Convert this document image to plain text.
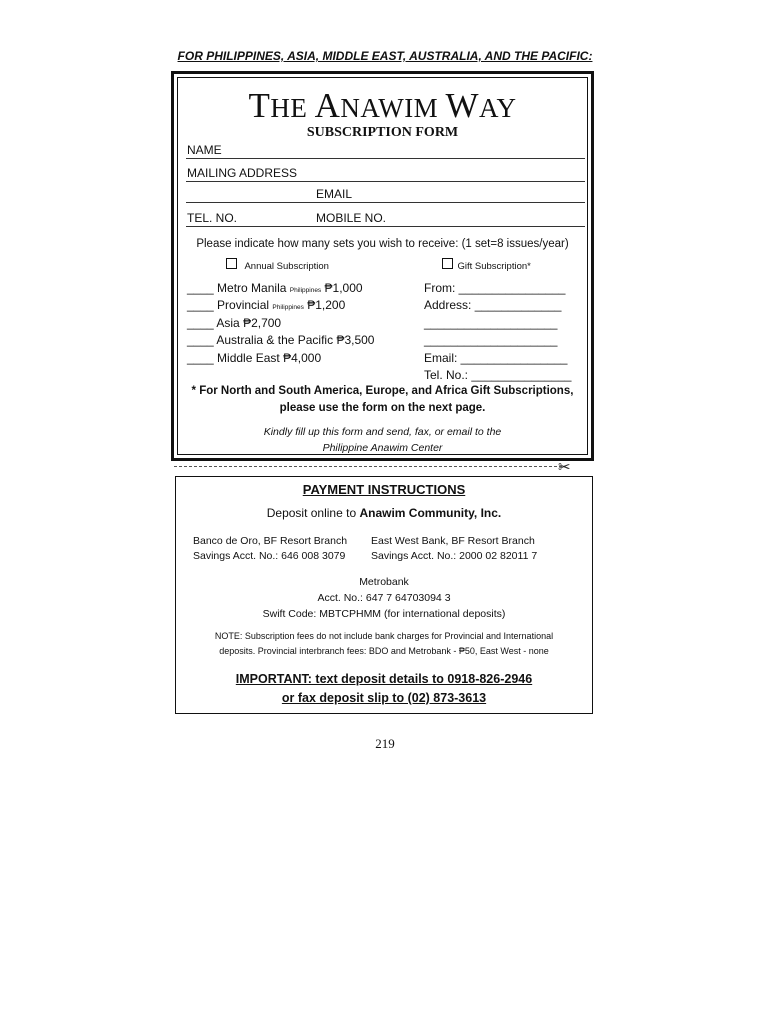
FOR PHILIPPINES, ASIA, MIDDLE EAST, AUSTRALIA, AND THE PACIFIC:
THE ANAWIM WAY
SUBSCRIPTION FORM
NAME
MAILING ADDRESS
EMAIL
TEL. NO.	MOBILE NO.
Please indicate how many sets you wish to receive: (1 set=8 issues/year)
Annual Subscription	Gift Subscription*
____ Metro Manila Philippines ₱1,000
____ Provincial Philippines ₱1,200
____ Asia ₱2,700
____ Australia & the Pacific ₱3,500
____ Middle East ₱4,000
From: ________________
Address: _____________
____________________
____________________
Email: ________________
Tel. No.: _______________
* For North and South America, Europe, and Africa Gift Subscriptions,
please use the form on the next page.
Kindly fill up this form and send, fax, or email to the
Philippine Anawim Center
✂
PAYMENT INSTRUCTIONS
Deposit online to Anawim Community, Inc.
Banco de Oro, BF Resort Branch
Savings Acct. No.: 646 008 3079
East West Bank, BF Resort Branch
Savings Acct. No.: 2000 02 82011 7
Metrobank
Acct. No.: 647 7 64703094 3
Swift Code: MBTCPHMM (for international deposits)
NOTE: Subscription fees do not include bank charges for Provincial and International
deposits. Provincial interbranch fees: BDO and Metrobank - ₱50, East West - none
IMPORTANT: text deposit details to 0918-826-2946
or fax deposit slip to (02) 873-3613
219
